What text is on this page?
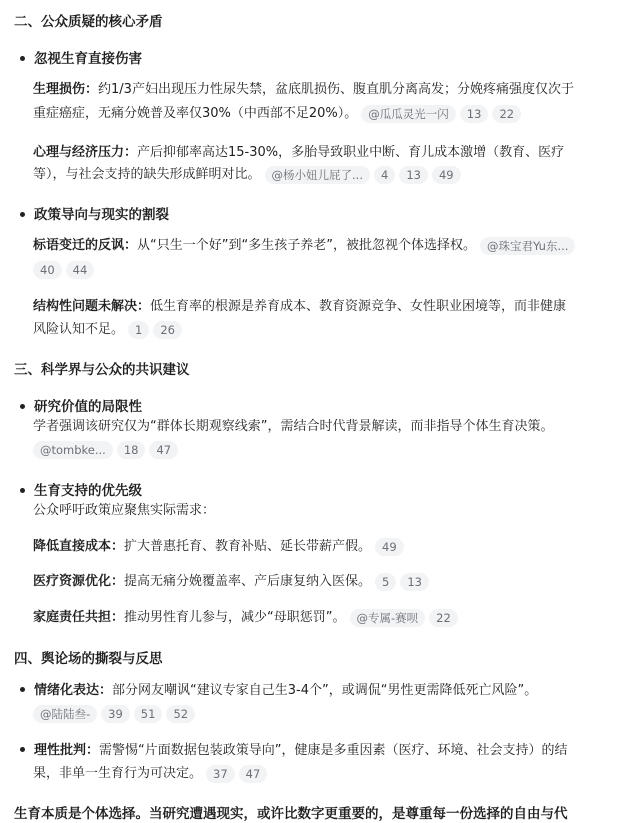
二、公众质疑的核心矛盾
忽视生育直接伤害
生理损伤：约1/3产妇出现压力性尿失禁，盆底肌损伤、腹直肌分离高发；分娩疼痛强度仅次于
重症癌症，无痛分娩普及率仅30%（中西部不足20%）。 @瓜瓜灵光一闪 13 22
心理与经济压力：产后抑郁率高达15-30%，多胎导致职业中断、育儿成本激增（教育、医疗
等），与社会支持的缺失形成鲜明对比。 @杨小妞儿屁了... 4 13 49
政策导向与现实的割裂
标语变迁的反讽：从“只生一个好”到“多生孩子养老”，被批忽视个体选择权。 @珠宝君Yu东...
40 44
结构性问题未解决：低生育率的根源是养育成本、教育资源竞争、女性职业困境等，而非健康
风险认知不足。 1 26
三、科学界与公众的共识建议
研究价值的局限性
学者强调该研究仅为“群体长期观察线索”，需结合时代背景解读，而非指导个体生育决策。
@tombke... 18 47
生育支持的优先级
公众呼吁政策应聚焦实际需求：
降低直接成本：扩大普惠托育、教育补贴、延长带薪产假。 49
医疗资源优化：提高无痛分娩覆盖率、产后康复纳入医保。 5 13
家庭责任共担：推动男性育儿参与，减少“母职惩罚”。 @专属-赛呗 22
四、舆论场的撕裂与反思
情绪化表达：部分网友嘲讽“建议专家自己生3-4个”，或调侃“男性更需降低死亡风险”。
@陆陆叁- 39 51 52
理性批判：需警惕“片面数据包装政策导向”，健康是多重因素（医疗、环境、社会支持）的结
果，非单一生育行为可决定。 37 47
生育本质是个体选择。当研究遭遇现实，或许比数字更重要的，是尊重每一份选择的自由与代
